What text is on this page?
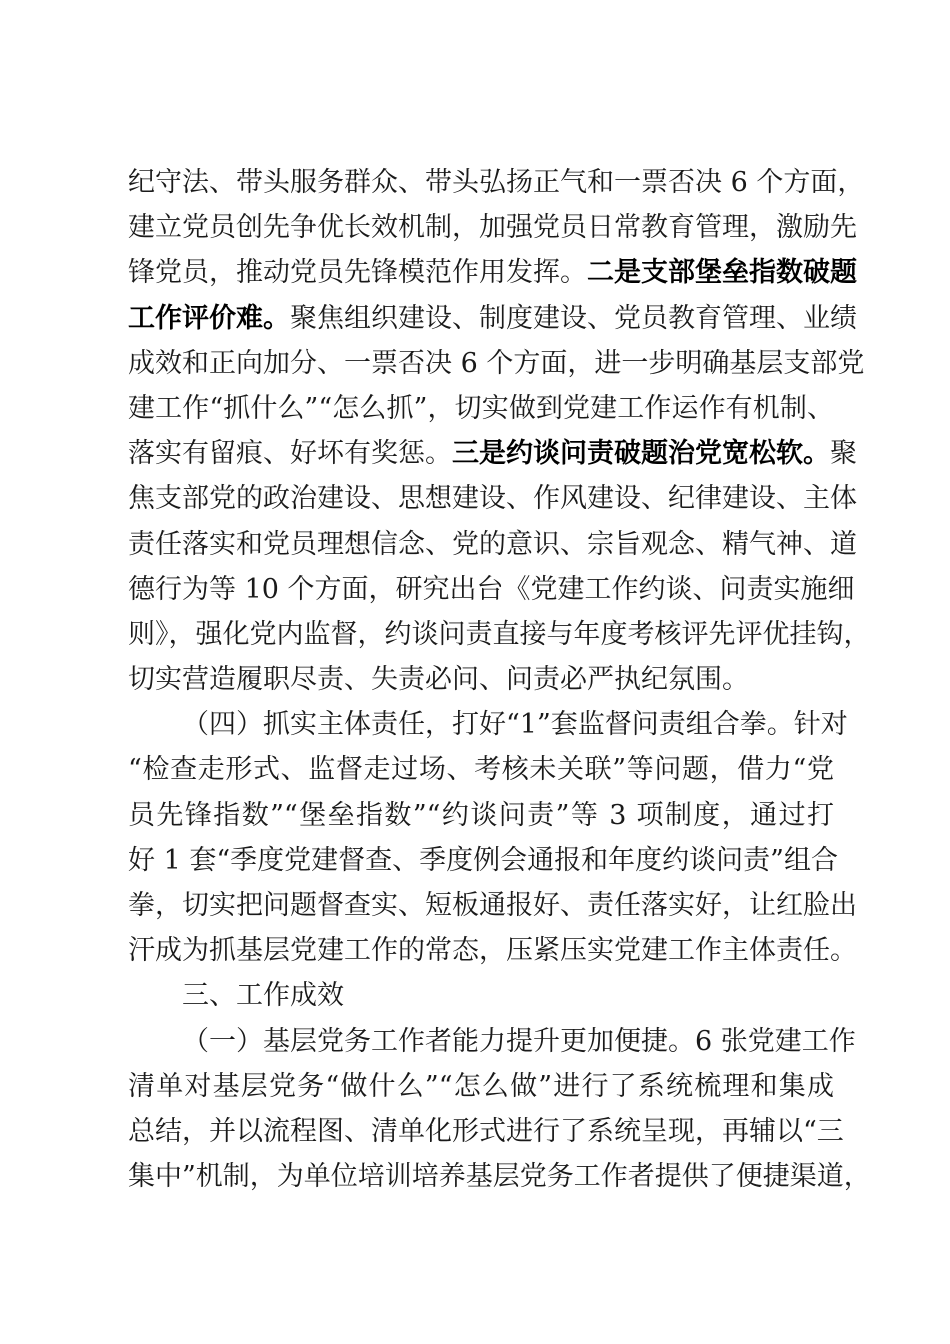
纪守法、带头服务群众、带头弘扬正气和一票否决 6 个方面，
建立党员创先争优长效机制，加强党员日常教育管理，激励先
锋党员，推动党员先锋模范作用发挥。二是支部堡垒指数破题
工作评价难。聚焦组织建设、制度建设、党员教育管理、业绩
成效和正向加分、一票否决 6 个方面，进一步明确基层支部党
建工作“抓什么”“怎么抓”，切实做到党建工作运作有机制、
落实有留痕、好坏有奖惩。三是约谈问责破题治党宽松软。聚
焦支部党的政治建设、思想建设、作风建设、纪律建设、主体
责任落实和党员理想信念、党的意识、宗旨观念、精气神、道
德行为等 10 个方面，研究出台《党建工作约谈、问责实施细
则》，强化党内监督，约谈问责直接与年度考核评先评优挂钩，
切实营造履职尽责、失责必问、问责必严执纪氛围。
（四）抓实主体责任，打好“1”套监督问责组合拳。针对
“检查走形式、监督走过场、考核未关联”等问题，借力“党
员先锋指数”“堡垒指数”“约谈问责”等 3 项制度，通过打
好 1 套“季度党建督查、季度例会通报和年度约谈问责”组合
拳，切实把问题督查实、短板通报好、责任落实好，让红脸出
汗成为抓基层党建工作的常态，压紧压实党建工作主体责任。
三、工作成效
（一）基层党务工作者能力提升更加便捷。6 张党建工作
清单对基层党务“做什么”“怎么做”进行了系统梳理和集成
总结，并以流程图、清单化形式进行了系统呈现，再辅以“三
集中”机制，为单位培训培养基层党务工作者提供了便捷渠道，
